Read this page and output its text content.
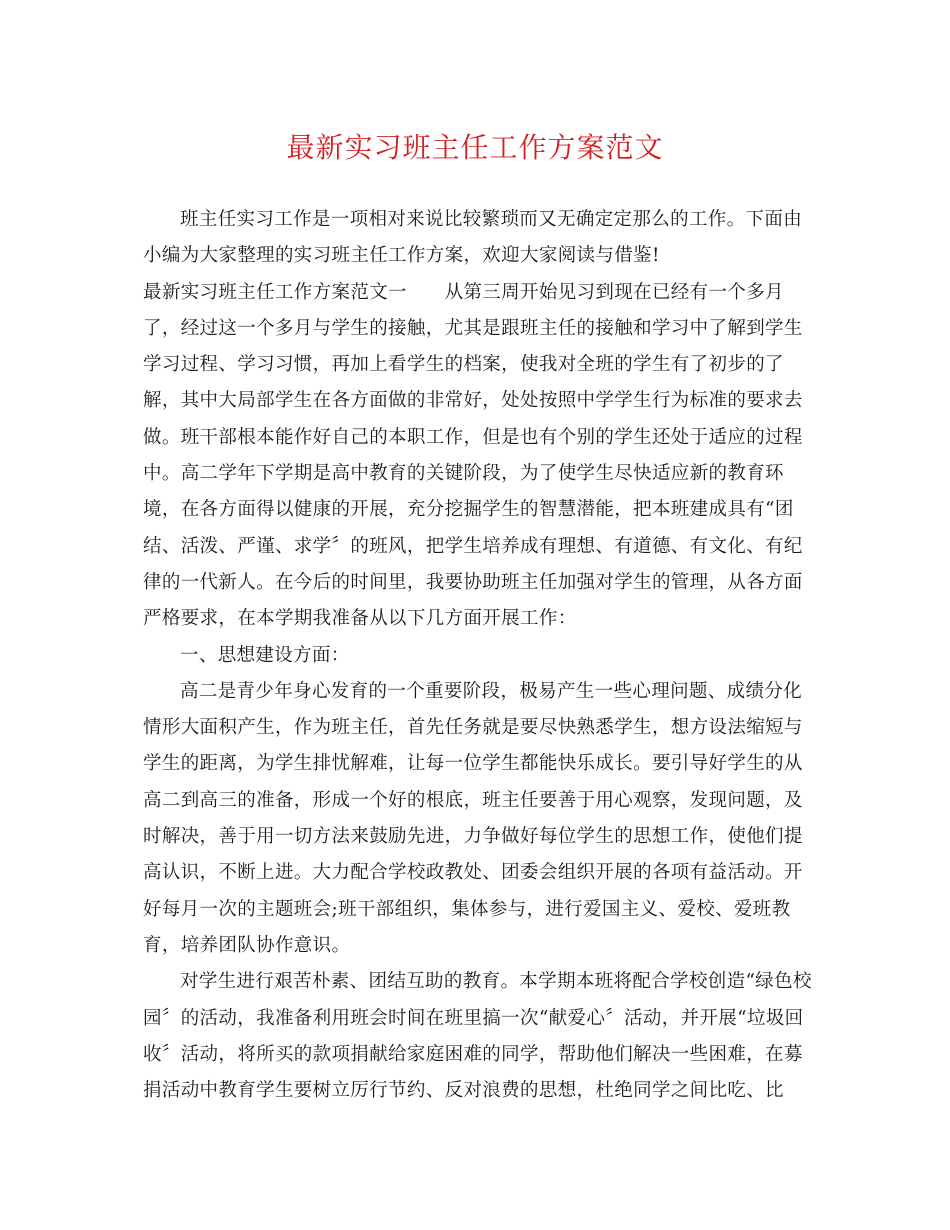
最新实习班主任工作方案范文
班主任实习工作是一项相对来说比较繁琐而又无确定定那么的工作。下面由
小编为大家整理的实习班主任工作方案，欢迎大家阅读与借鉴!
最新实习班主任工作方案范文一　　从第三周开始见习到现在已经有一个多月
了，经过这一个多月与学生的接触，尤其是跟班主任的接触和学习中了解到学生
学习过程、学习习惯，再加上看学生的档案，使我对全班的学生有了初步的了
解，其中大局部学生在各方面做的非常好，处处按照中学学生行为标准的要求去
做。班干部根本能作好自己的本职工作，但是也有个别的学生还处于适应的过程
中。高二学年下学期是高中教育的关键阶段，为了使学生尽快适应新的教育环
境，在各方面得以健康的开展，充分挖掘学生的智慧潜能，把本班建成具有“团
结、活泼、严谨、求学〞的班风，把学生培养成有理想、有道德、有文化、有纪
律的一代新人。在今后的时间里，我要协助班主任加强对学生的管理，从各方面
严格要求，在本学期我准备从以下几方面开展工作：
一、思想建设方面：
高二是青少年身心发育的一个重要阶段，极易产生一些心理问题、成绩分化
情形大面积产生，作为班主任，首先任务就是要尽快熟悉学生，想方设法缩短与
学生的距离，为学生排忧解难，让每一位学生都能快乐成长。要引导好学生的从
高二到高三的准备，形成一个好的根底，班主任要善于用心观察，发现问题，及
时解决，善于用一切方法来鼓励先进，力争做好每位学生的思想工作，使他们提
高认识，不断上进。大力配合学校政教处、团委会组织开展的各项有益活动。开
好每月一次的主题班会;班干部组织，集体参与，进行爱国主义、爱校、爱班教
育，培养团队协作意识。
对学生进行艰苦朴素、团结互助的教育。本学期本班将配合学校创造“绿色校
园〞的活动，我准备利用班会时间在班里搞一次“献爱心〞活动，并开展“垃圾回
收〞活动，将所买的款项捐献给家庭困难的同学，帮助他们解决一些困难，在募
捐活动中教育学生要树立厉行节约、反对浪费的思想，杜绝同学之间比吃、比
